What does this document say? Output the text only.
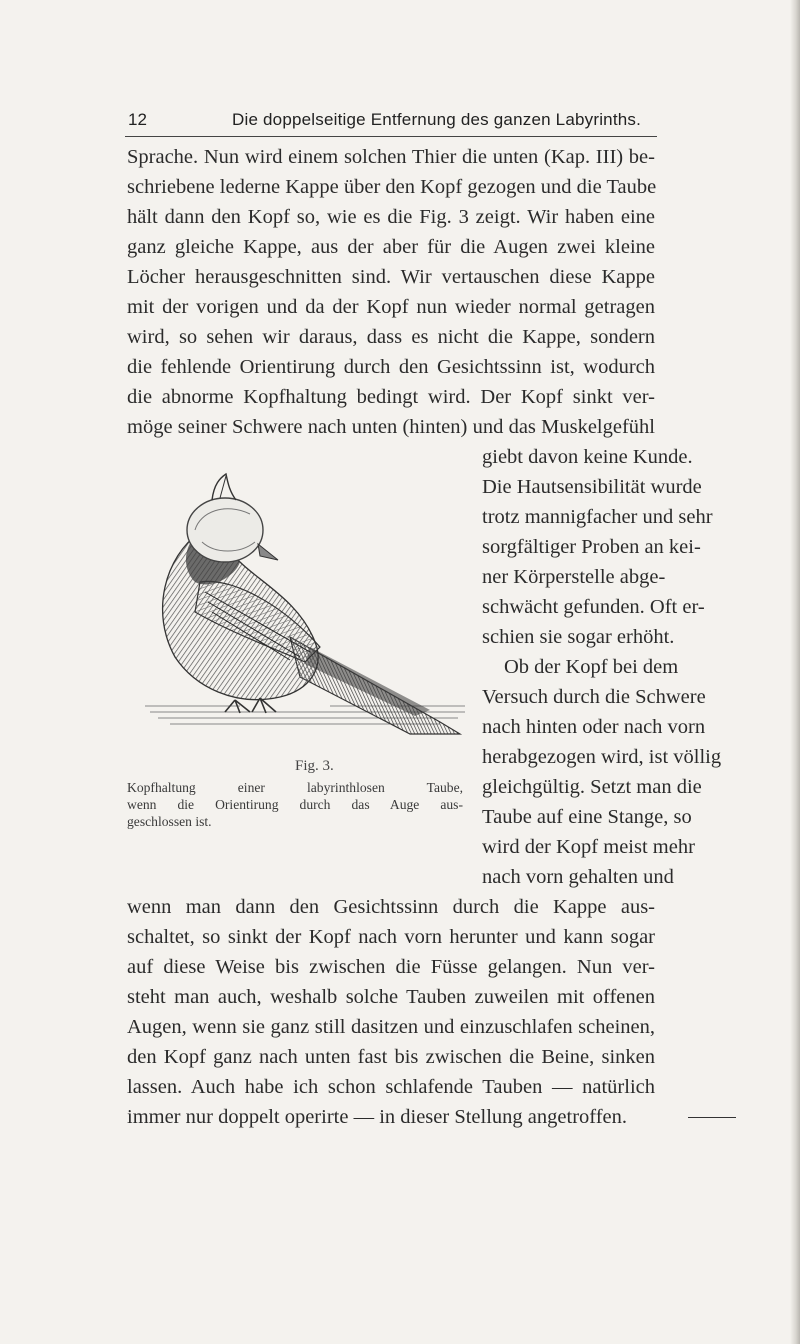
12	Die doppelseitige Entfernung des ganzen Labyrinths.
Sprache. Nun wird einem solchen Thier die unten (Kap. III) be-
schriebene lederne Kappe über den Kopf gezogen und die Taube
hält dann den Kopf so, wie es die Fig. 3 zeigt. Wir haben eine
ganz gleiche Kappe, aus der aber für die Augen zwei kleine
Löcher herausgeschnitten sind. Wir vertauschen diese Kappe
mit der vorigen und da der Kopf nun wieder normal getragen
wird, so sehen wir daraus, dass es nicht die Kappe, sondern
die fehlende Orientirung durch den Gesichtssinn ist, wodurch
die abnorme Kopfhaltung bedingt wird. Der Kopf sinkt ver-
möge seiner Schwere nach unten (hinten) und das Muskelgefühl
giebt davon keine Kunde.
Die Hautsensibilität wurde
trotz mannigfacher und sehr
sorgfältiger Proben an kei-
ner Körperstelle abge-
schwächt gefunden. Oft er-
schien sie sogar erhöht.
Ob der Kopf bei dem
Versuch durch die Schwere
nach hinten oder nach vorn
herabgezogen wird, ist völlig
gleichgültig. Setzt man die
Taube auf eine Stange, so
wird der Kopf meist mehr
nach vorn gehalten und
wenn man dann den Gesichtssinn durch die Kappe aus-
schaltet, so sinkt der Kopf nach vorn herunter und kann sogar
auf diese Weise bis zwischen die Füsse gelangen. Nun ver-
steht man auch, weshalb solche Tauben zuweilen mit offenen
Augen, wenn sie ganz still dasitzen und einzuschlafen scheinen,
den Kopf ganz nach unten fast bis zwischen die Beine, sinken
lassen. Auch habe ich schon schlafende Tauben — natürlich
immer nur doppelt operirte — in dieser Stellung angetroffen.
Fig. 3.
Kopfhaltung einer labyrinthlosen Taube,
wenn die Orientirung durch das Auge aus-
geschlossen ist.
